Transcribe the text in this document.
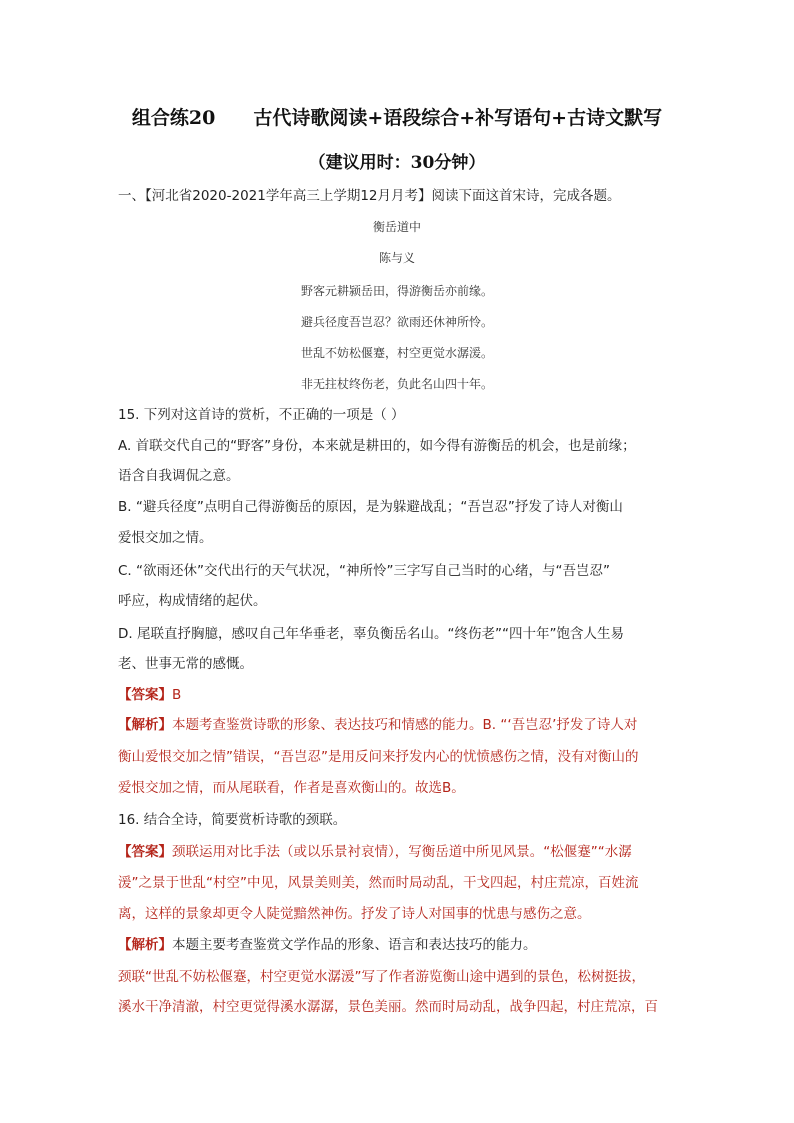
组合练20　　古代诗歌阅读+语段综合+补写语句+古诗文默写
（建议用时：30分钟）
一、【河北省2020-2021学年高三上学期12月月考】阅读下面这首宋诗，完成各题。
衡岳道中
陈与义
野客元耕颍岳田，得游衡岳亦前缘。
避兵径度吾岂忍？欲雨还休神所怜。
世乱不妨松偃蹇，村空更觉水潺湲。
非无拄杖终伤老，负此名山四十年。
15. 下列对这首诗的赏析，不正确的一项是（ ）
A. 首联交代自己的“野客”身份，本来就是耕田的，如今得有游衡岳的机会，也是前缘；
语含自我调侃之意。
B. “避兵径度”点明自己得游衡岳的原因，是为躲避战乱；“吾岂忍”抒发了诗人对衡山
爱恨交加之情。
C. “欲雨还休”交代出行的天气状况，“神所怜”三字写自己当时的心绪，与“吾岂忍”
呼应，构成情绪的起伏。
D. 尾联直抒胸臆，感叹自己年华垂老，辜负衡岳名山。“终伤老”“四十年”饱含人生易
老、世事无常的感慨。
【答案】B
【解析】本题考查鉴赏诗歌的形象、表达技巧和情感的能力。B. “‘吾岂忍’抒发了诗人对
衡山爱恨交加之情”错误，“吾岂忍”是用反问来抒发内心的忧愤感伤之情，没有对衡山的
爱恨交加之情，而从尾联看，作者是喜欢衡山的。故选B。
16. 结合全诗，简要赏析诗歌的颈联。
【答案】颈联运用对比手法（或以乐景衬哀情），写衡岳道中所见风景。“松偃蹇”“水潺
湲”之景于世乱“村空”中见，风景美则美，然而时局动乱，干戈四起，村庄荒凉，百姓流
离，这样的景象却更令人陡觉黯然神伤。抒发了诗人对国事的忧患与感伤之意。
【解析】本题主要考查鉴赏文学作品的形象、语言和表达技巧的能力。
颈联“世乱不妨松偃蹇，村空更觉水潺湲”写了作者游览衡山途中遇到的景色，松树挺拔，
溪水干净清澈，村空更觉得溪水潺潺，景色美丽。然而时局动乱，战争四起，村庄荒凉，百
